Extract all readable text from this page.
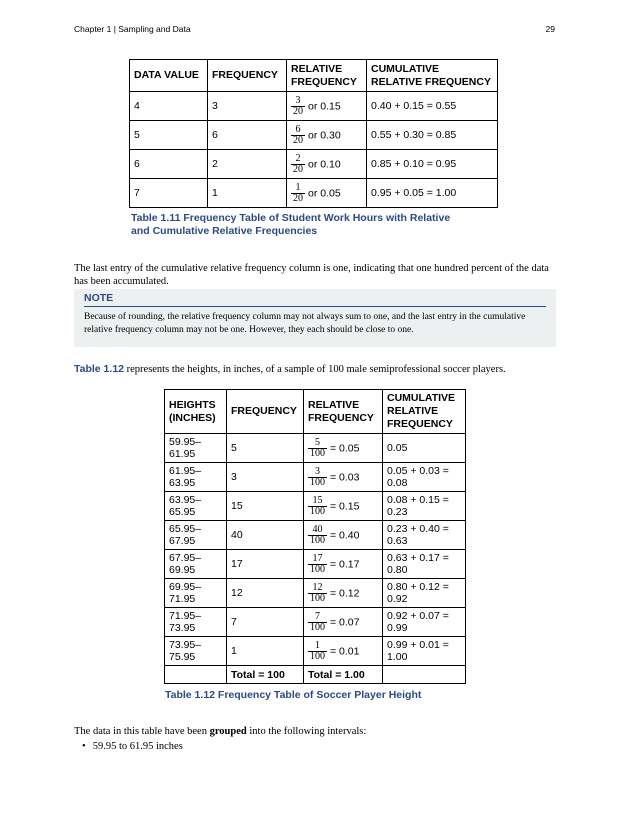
Chapter 1 | Sampling and Data	29
DATA VALUE	FREQUENCY	RELATIVE FREQUENCY	CUMULATIVE RELATIVE FREQUENCY
4	3	$\frac{3}{20}$ or 0.15	0.40 + 0.15 = 0.55
5	6	$\frac{6}{20}$ or 0.30	0.55 + 0.30 = 0.85
6	2	$\frac{2}{20}$ or 0.10	0.85 + 0.10 = 0.95
7	1	$\frac{1}{20}$ or 0.05	0.95 + 0.05 = 1.00
Table 1.11 Frequency Table of Student Work Hours with Relative and Cumulative Relative Frequencies
The last entry of the cumulative relative frequency column is one, indicating that one hundred percent of the data has been accumulated.
NOTE
Because of rounding, the relative frequency column may not always sum to one, and the last entry in the cumulative relative frequency column may not be one. However, they each should be close to one.
Table 1.12 represents the heights, in inches, of a sample of 100 male semiprofessional soccer players.
HEIGHTS (INCHES)	FREQUENCY	RELATIVE FREQUENCY	CUMULATIVE RELATIVE FREQUENCY
59.95–61.95	5	$\frac{5}{100} = 0.05$	0.05
61.95–63.95	3	$\frac{3}{100} = 0.03$	0.05 + 0.03 = 0.08
63.95–65.95	15	$\frac{15}{100} = 0.15$	0.08 + 0.15 = 0.23
65.95–67.95	40	$\frac{40}{100} = 0.40$	0.23 + 0.40 = 0.63
67.95–69.95	17	$\frac{17}{100} = 0.17$	0.63 + 0.17 = 0.80
69.95–71.95	12	$\frac{12}{100} = 0.12$	0.80 + 0.12 = 0.92
71.95–73.95	7	$\frac{7}{100} = 0.07$	0.92 + 0.07 = 0.99
73.95–75.95	1	$\frac{1}{100} = 0.01$	0.99 + 0.01 = 1.00
	Total = 100	Total = 1.00	
Table 1.12 Frequency Table of Soccer Player Height
The data in this table have been grouped into the following intervals:
• 59.95 to 61.95 inches
